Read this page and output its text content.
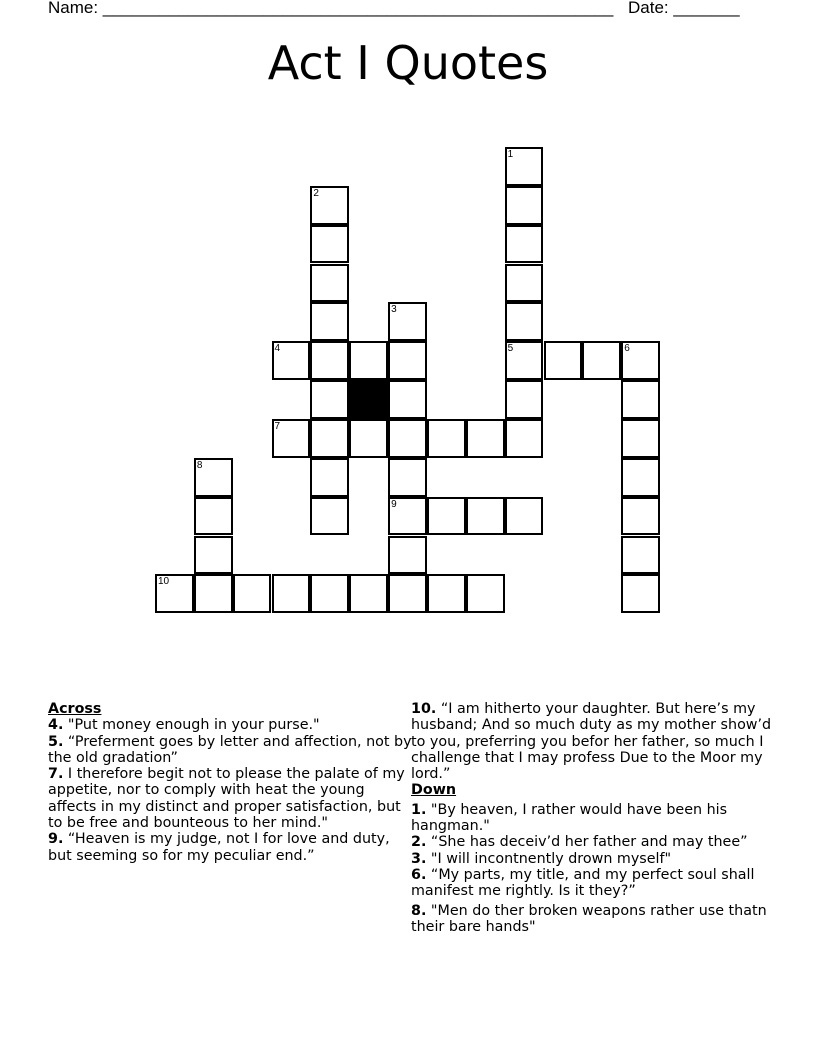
Name: ______________________________________________________ Date: _______
Act I Quotes
1
5
2
3
9
4	6
7
8
10
Across
4. "Put money enough in your purse."
5. “Preferment goes by letter and affection, not by the old gradation”
7. I therefore begit not to please the palate of my appetite, nor to comply with heat the young affects in my distinct and proper satisfaction, but to be free and bounteous to her mind."
9. “Heaven is my judge, not I for love and duty, but seeming so for my peculiar end.”
10. “I am hitherto your daughter. But here’s my husband; And so much duty as my mother show’d to you, preferring you befor her father, so much I challenge that I may profess Due to the Moor my lord.”
Down
1. "By heaven, I rather would have been his hangman."
2. “She has deceiv’d her father and may thee”
3. "I will incontnently drown myself"
6. “My parts, my title, and my perfect soul shall manifest me rightly. Is it they?”
8. "Men do ther broken weapons rather use thatn their bare hands"
